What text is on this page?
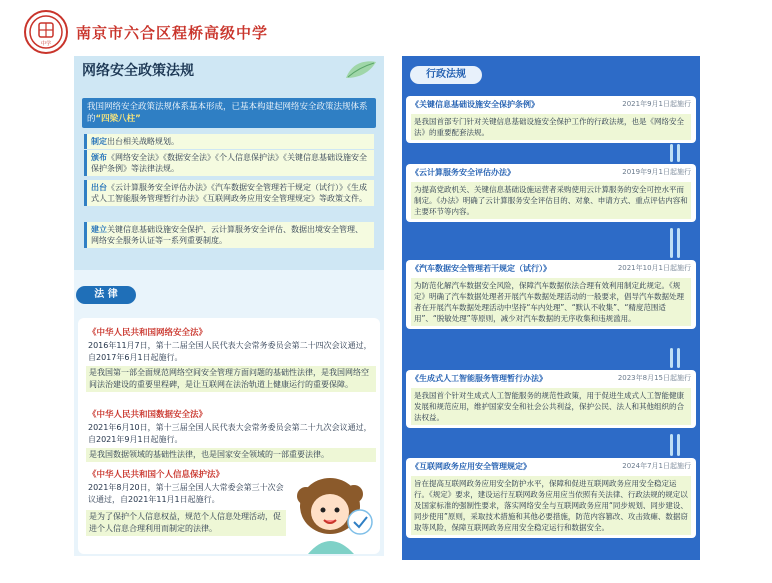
中学
南京市六合区程桥高级中学
网络安全政策法规
我国网络安全政策法规体系基本形成，已基本构建起网络安全政策法规体系的“四梁八柱”
制定出台相关战略规划。
颁布《网络安全法》《数据安全法》《个人信息保护法》《关键信息基础设施安全保护条例》等法律法规。
出台《云计算服务安全评估办法》《汽车数据安全管理若干规定（试行）》《生成式人工智能服务管理暂行办法》《互联网政务应用安全管理规定》等政策文件。
建立关键信息基础设施安全保护、云计算服务安全评估、数据出境安全管理、网络安全服务认证等一系列重要制度。
法 律
《中华人民共和国网络安全法》
2016年11月7日，第十二届全国人民代表大会常务委员会第二十四次会议通过，自2017年6月1日起施行。
是我国第一部全面规范网络空间安全管理方面问题的基础性法律，是我国网络空间法治建设的重要里程碑，是让互联网在法治轨道上健康运行的重要保障。
《中华人民共和国数据安全法》
2021年6月10日，第十三届全国人民代表大会常务委员会第二十九次会议通过，自2021年9月1日起施行。
是我国数据领域的基础性法律，也是国家安全领域的一部重要法律。
《中华人民共和国个人信息保护法》
2021年8月20日，第十三届全国人大常委会第三十次会议通过，自2021年11月1日起施行。
是为了保护个人信息权益，规范个人信息处理活动，促进个人信息合理利用而制定的法律。
行政法规
《关键信息基础设施安全保护条例》	2021年9月1日起施行
是我国首部专门针对关键信息基础设施安全保护工作的行政法规，也是《网络安全法》的重要配套法规。
《云计算服务安全评估办法》	2019年9月1日起施行
为提高党政机关、关键信息基础设施运营者采购使用云计算服务的安全可控水平而制定。《办法》明确了云计算服务安全评估目的、对象、申请方式、重点评估内容和主要环节等内容。
《汽车数据安全管理若干规定（试行）》	2021年10月1日起施行
为防范化解汽车数据安全风险，保障汽车数据依法合理有效利用制定此规定。《规定》明确了汽车数据处理者开展汽车数据处理活动的一般要求，倡导汽车数据处理者在开展汽车数据处理活动中坚持“车内处理”、“默认不收集”、“精度范围适用”、“脱敏处理”等原则，减少对汽车数据的无序收集和违规滥用。
《生成式人工智能服务管理暂行办法》	2023年8月15日起施行
是我国首个针对生成式人工智能服务的规范性政策，用于促进生成式人工智能健康发展和规范应用，维护国家安全和社会公共利益，保护公民、法人和其他组织的合法权益。
《互联网政务应用安全管理规定》	2024年7月1日起施行
旨在提高互联网政务应用安全防护水平，保障和促进互联网政务应用安全稳定运行。《规定》要求，建设运行互联网政务应用应当依照有关法律、行政法规的规定以及国家标准的强制性要求，落实网络安全与互联网政务应用“同步规划、同步建设、同步使用”原则，采取技术措施和其他必要措施，防范内容篡改、攻击致瘫、数据窃取等风险，保障互联网政务应用安全稳定运行和数据安全。
